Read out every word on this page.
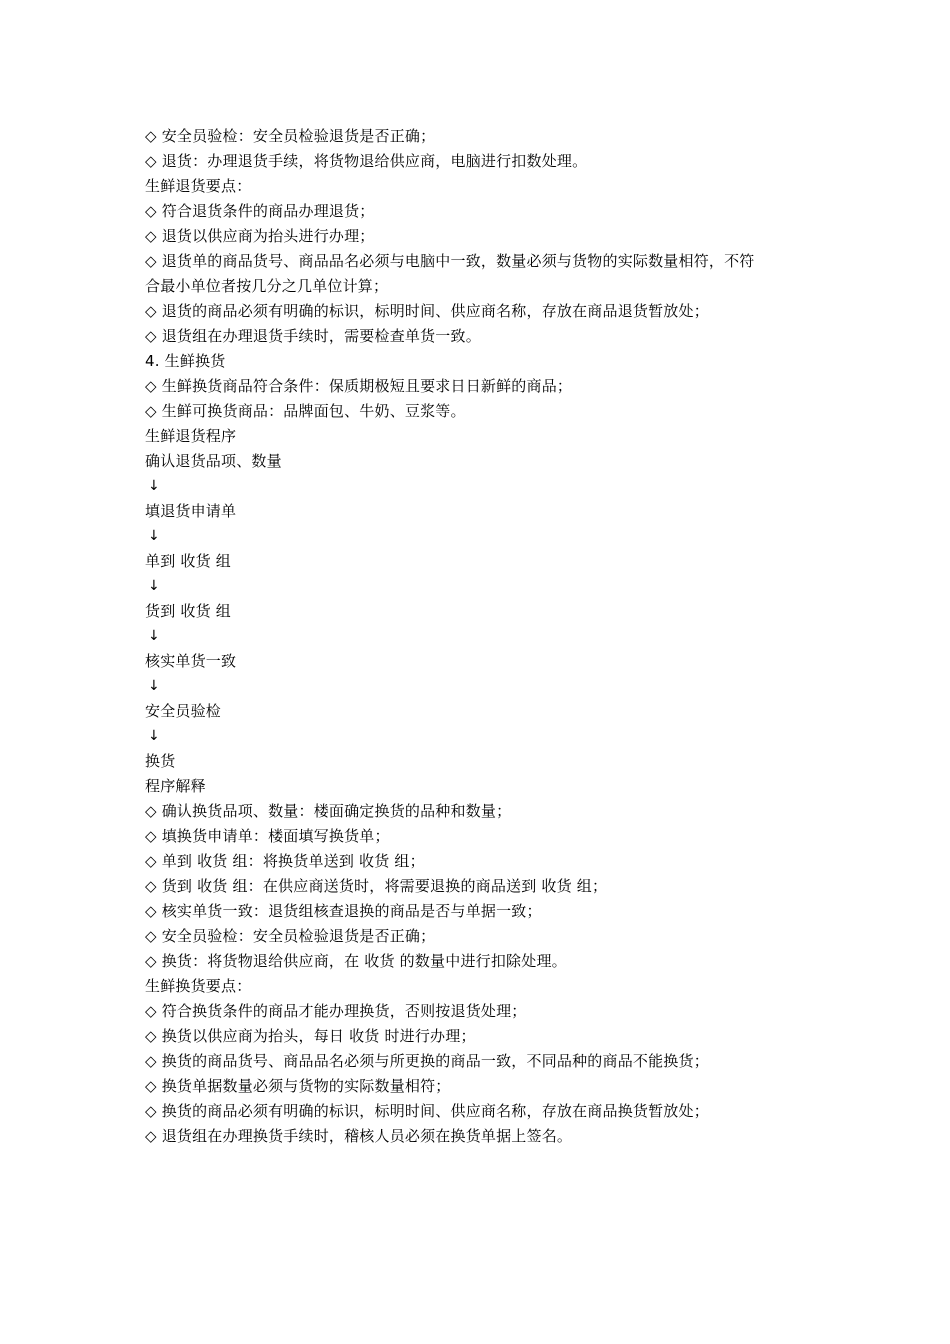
◇ 安全员验检：安全员检验退货是否正确；
◇ 退货：办理退货手续，将货物退给供应商，电脑进行扣数处理。
生鲜退货要点：
◇ 符合退货条件的商品办理退货；
◇ 退货以供应商为抬头进行办理；
◇ 退货单的商品货号、商品品名必须与电脑中一致，数量必须与货物的实际数量相符，不符
合最小单位者按几分之几单位计算；
◇ 退货的商品必须有明确的标识，标明时间、供应商名称，存放在商品退货暂放处；
◇ 退货组在办理退货手续时，需要检查单货一致。
4. 生鲜换货
◇ 生鲜换货商品符合条件：保质期极短且要求日日新鲜的商品；
◇ 生鲜可换货商品：品牌面包、牛奶、豆浆等。
生鲜退货程序
确认退货品项、数量
↓
填退货申请单
↓
单到 收货 组
↓
货到 收货 组
↓
核实单货一致
↓
安全员验检
↓
换货
程序解释
◇ 确认换货品项、数量：楼面确定换货的品种和数量；
◇ 填换货申请单：楼面填写换货单；
◇ 单到 收货 组：将换货单送到 收货 组；
◇ 货到 收货 组：在供应商送货时，将需要退换的商品送到 收货 组；
◇ 核实单货一致：退货组核查退换的商品是否与单据一致；
◇ 安全员验检：安全员检验退货是否正确；
◇ 换货：将货物退给供应商，在 收货 的数量中进行扣除处理。
生鲜换货要点：
◇ 符合换货条件的商品才能办理换货，否则按退货处理；
◇ 换货以供应商为抬头，每日 收货 时进行办理；
◇ 换货的商品货号、商品品名必须与所更换的商品一致，不同品种的商品不能换货；
◇ 换货单据数量必须与货物的实际数量相符；
◇ 换货的商品必须有明确的标识，标明时间、供应商名称，存放在商品换货暂放处；
◇ 退货组在办理换货手续时，稽核人员必须在换货单据上签名。
